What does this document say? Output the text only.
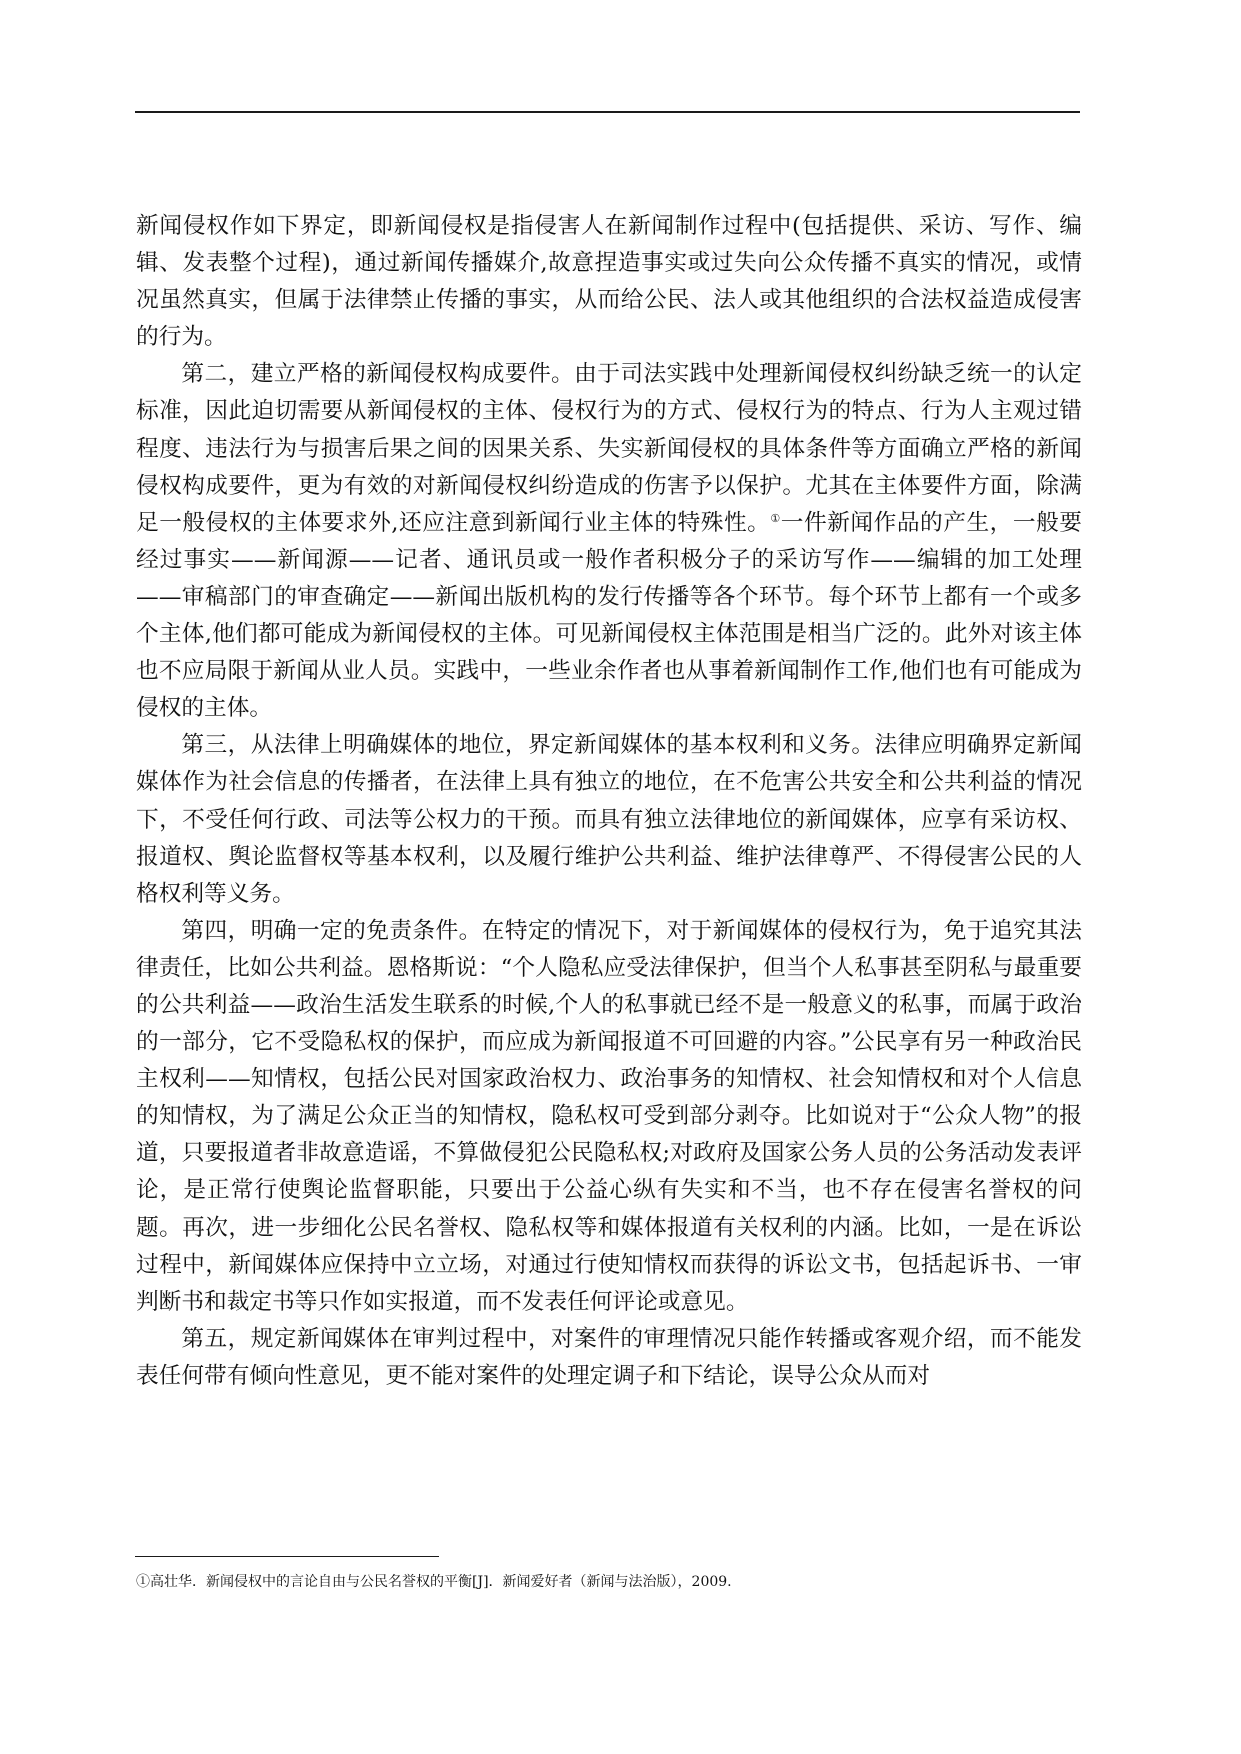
新闻侵权作如下界定，即新闻侵权是指侵害人在新闻制作过程中(包括提供、采访、写作、编辑、发表整个过程)，通过新闻传播媒介,故意捏造事实或过失向公众传播不真实的情况，或情况虽然真实，但属于法律禁止传播的事实，从而给公民、法人或其他组织的合法权益造成侵害的行为。

第二，建立严格的新闻侵权构成要件。由于司法实践中处理新闻侵权纠纷缺乏统一的认定标准，因此迫切需要从新闻侵权的主体、侵权行为的方式、侵权行为的特点、行为人主观过错程度、违法行为与损害后果之间的因果关系、失实新闻侵权的具体条件等方面确立严格的新闻侵权构成要件，更为有效的对新闻侵权纠纷造成的伤害予以保护。尤其在主体要件方面，除满足一般侵权的主体要求外,还应注意到新闻行业主体的特殊性。①一件新闻作品的产生，一般要经过事实——新闻源——记者、通讯员或一般作者积极分子的采访写作——编辑的加工处理——审稿部门的审查确定——新闻出版机构的发行传播等各个环节。每个环节上都有一个或多个主体,他们都可能成为新闻侵权的主体。可见新闻侵权主体范围是相当广泛的。此外对该主体也不应局限于新闻从业人员。实践中，一些业余作者也从事着新闻制作工作,他们也有可能成为侵权的主体。

第三，从法律上明确媒体的地位，界定新闻媒体的基本权利和义务。法律应明确界定新闻媒体作为社会信息的传播者，在法律上具有独立的地位，在不危害公共安全和公共利益的情况下，不受任何行政、司法等公权力的干预。而具有独立法律地位的新闻媒体，应享有采访权、报道权、舆论监督权等基本权利，以及履行维护公共利益、维护法律尊严、不得侵害公民的人格权利等义务。

第四，明确一定的免责条件。在特定的情况下，对于新闻媒体的侵权行为，免于追究其法律责任，比如公共利益。恩格斯说：“个人隐私应受法律保护，但当个人私事甚至阴私与最重要的公共利益——政治生活发生联系的时候,个人的私事就已经不是一般意义的私事，而属于政治的一部分，它不受隐私权的保护，而应成为新闻报道不可回避的内容。”公民享有另一种政治民主权利——知情权，包括公民对国家政治权力、政治事务的知情权、社会知情权和对个人信息的知情权，为了满足公众正当的知情权，隐私权可受到部分剥夺。比如说对于“公众人物”的报道，只要报道者非故意造谣，不算做侵犯公民隐私权;对政府及国家公务人员的公务活动发表评论，是正常行使舆论监督职能，只要出于公益心纵有失实和不当，也不存在侵害名誉权的问题。再次，进一步细化公民名誉权、隐私权等和媒体报道有关权利的内涵。比如，一是在诉讼过程中，新闻媒体应保持中立立场，对通过行使知情权而获得的诉讼文书，包括起诉书、一审判断书和裁定书等只作如实报道，而不发表任何评论或意见。

第五，规定新闻媒体在审判过程中，对案件的审理情况只能作转播或客观介绍，而不能发表任何带有倾向性意见，更不能对案件的处理定调子和下结论，误导公众从而对

①高壮华．新闻侵权中的言论自由与公民名誉权的平衡[J]．新闻爱好者（新闻与法治版），2009.
